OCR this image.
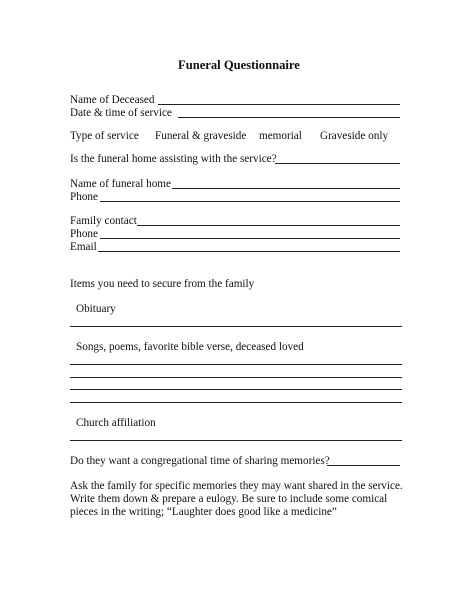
Funeral Questionnaire
Name of Deceased
Date & time of service
Type of service Funeral & graveside memorial Graveside only
Is the funeral home assisting with the service?
Name of funeral home
Phone
Family contact
Phone
Email
Items you need to secure from the family
Obituary
Songs, poems, favorite bible verse, deceased loved
Church affiliation
Do they want a congregational time of sharing memories?
Ask the family for specific memories they may want shared in the service.
Write them down & prepare a eulogy. Be sure to include some comical
pieces in the writing; “Laughter does good like a medicine”
